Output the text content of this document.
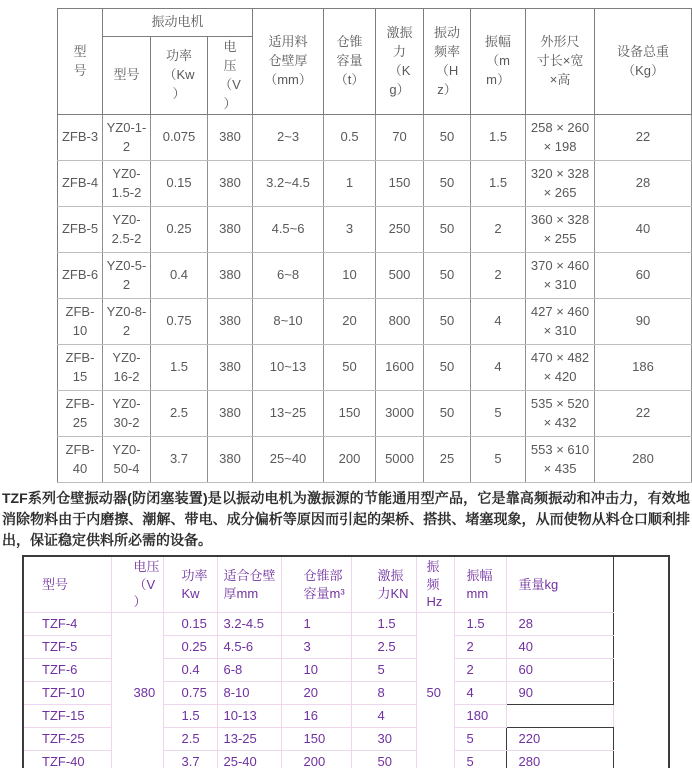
型号	振动电机			适用料仓壁厚（mm）	仓锥容量（t）	激振力（Kg）	振动频率（Hz）	振幅（mm）	外形尺寸长×宽×高	设备总重（Kg）
	型号	功率（Kw）	电压（V）							
ZFB-3	YZ0-1-2	0.075	380	2~3	0.5	70	50	1.5	258 × 260 × 198	22
ZFB-4	YZ0-1.5-2	0.15	380	3.2~4.5	1	150	50	1.5	320 × 328 × 265	28
ZFB-5	YZ0-2.5-2	0.25	380	4.5~6	3	250	50	2	360 × 328 × 255	40
ZFB-6	YZ0-5-2	0.4	380	6~8	10	500	50	2	370 × 460 × 310	60
ZFB-10	YZ0-8-2	0.75	380	8~10	20	800	50	4	427 × 460 × 310	90
ZFB-15	YZ0-16-2	1.5	380	10~13	50	1600	50	4	470 × 482 × 420	186
ZFB-25	YZ0-30-2	2.5	380	13~25	150	3000	50	5	535 × 520 × 432	22
ZFB-40	YZ0-50-4	3.7	380	25~40	200	5000	25	5	553 × 610 × 435	280

TZF系列仓壁振动器(防闭塞装置)是以振动电机为激振源的节能通用型产品，它是靠高频振动和冲击力，有效地消除物料由于内磨擦、潮解、带电、成分偏析等原因而引起的架桥、搭拱、堵塞现象，从而使物从料仓口顺利排出，保证稳定供料所必需的设备。

型号	电压（V）	功率Kw	适合仓壁厚mm	仓锥部容量m³	激振力KN	振频Hz	振幅mm	重量kg	
TZF-4	380	0.15	3.2-4.5	1	1.5	50	1.5	28	
TZF-5		0.25	4.5-6	3	2.5		2	40	
TZF-6		0.4	6-8	10	5		2	60	
TZF-10		0.75	8-10	20	8		4	90	
TZF-15		1.5	10-13	16	4		180		
TZF-25		2.5	13-25	150	30		5	220	
TZF-40		3.7	25-40	200	50		5	280	
